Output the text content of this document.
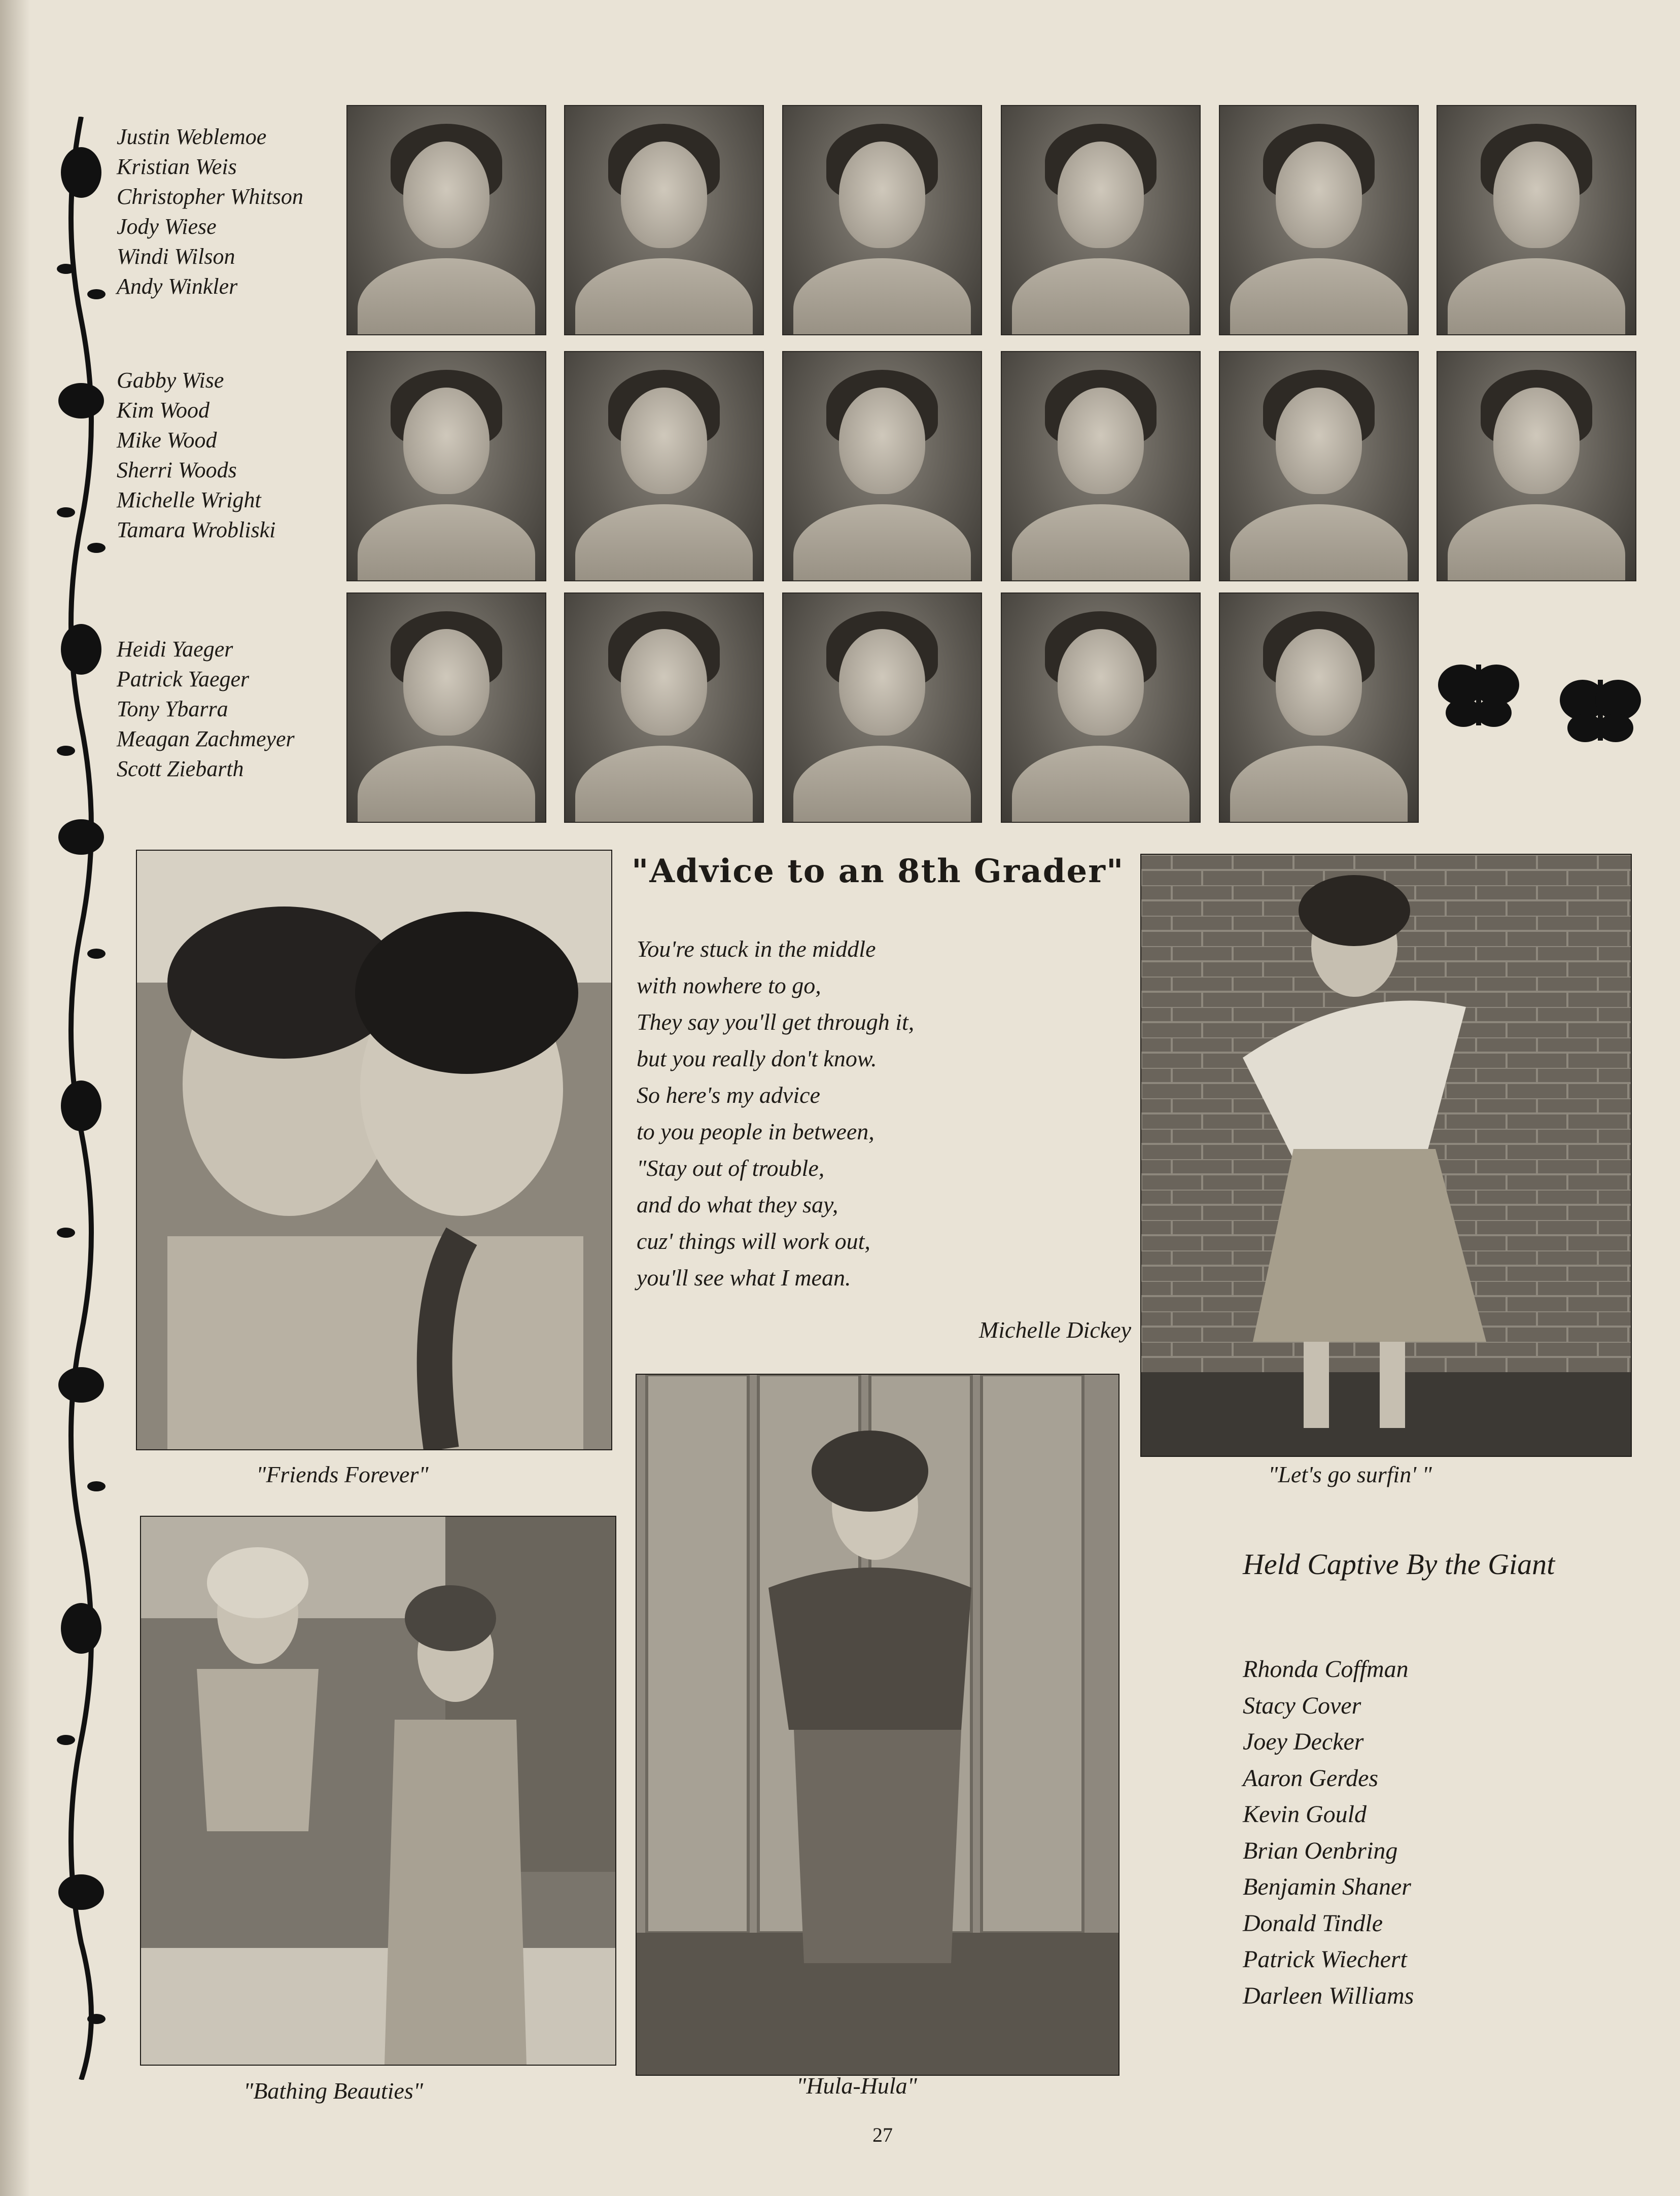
Justin Weblemoe
Kristian Weis
Christopher Whitson
Jody Wiese
Windi Wilson
Andy Winkler
Gabby Wise
Kim Wood
Mike Wood
Sherri Woods
Michelle Wright
Tamara Wrobliski
Heidi Yaeger
Patrick Yaeger
Tony Ybarra
Meagan Zachmeyer
Scott Ziebarth
"Friends Forever"
"Advice to an 8th Grader"
You're stuck in the middle
with nowhere to go,
They say you'll get through it,
but you really don't know.
So here's my advice
to you people in between,
"Stay out of trouble,
and do what they say,
cuz' things will work out,
you'll see what I mean.
Michelle Dickey
"Let's go surfin' "
"Hula-Hula"
"Bathing Beauties"
Held Captive By the Giant
Rhonda Coffman
Stacy Cover
Joey Decker
Aaron Gerdes
Kevin Gould
Brian Oenbring
Benjamin Shaner
Donald Tindle
Patrick Wiechert
Darleen Williams
27
